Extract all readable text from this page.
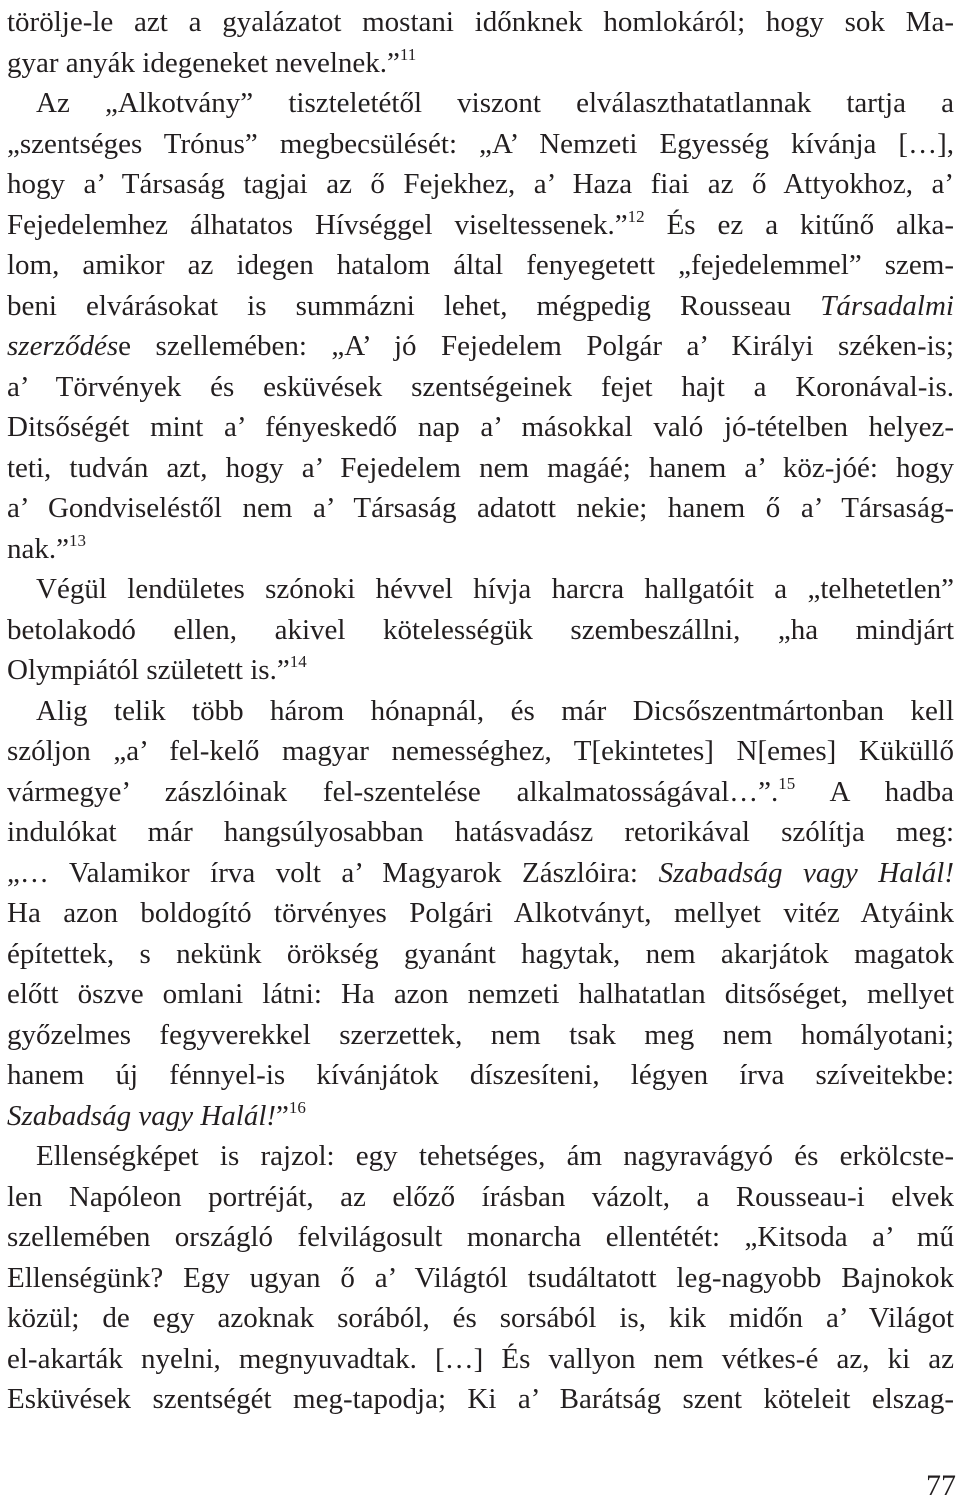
törölje-le azt a gyalázatot mostani időnknek homlokáról; hogy sok Ma-
gyar anyák idegeneket nevelnek.”$^{11}$
Az „Alkotvány” tiszteletétől viszont elválaszthatatlannak tartja a
„szentséges Trónus” megbecsülését: „A’ Nemzeti Egyesség kívánja […],
hogy a’ Társaság tagjai az ő Fejekhez, a’ Haza fiai az ő Attyokhoz, a’
Fejedelemhez álhatatos Hívséggel viseltessenek.”$^{12}$ És ez a kitűnő alka-
lom, amikor az idegen hatalom által fenyegetett „fejedelemmel” szem-
beni elvárásokat is summázni lehet, mégpedig Rousseau Társadalmi
szerződése szellemében: „A’ jó Fejedelem Polgár a’ Királyi széken-is;
a’ Törvények és esküvések szentségeinek fejet hajt a Koronával-is.
Ditsőségét mint a’ fényeskedő nap a’ másokkal való jó-tételben helyez-
teti, tudván azt, hogy a’ Fejedelem nem magáé; hanem a’ köz-jóé: hogy
a’ Gondviseléstől nem a’ Társaság adatott nekie; hanem ő a’ Társaság-
nak.”$^{13}$
Végül lendületes szónoki hévvel hívja harcra hallgatóit a „telhetetlen”
betolakodó ellen, akivel kötelességük szembeszállni, „ha mindjárt
Olympiától született is.”$^{14}$
Alig telik több három hónapnál, és már Dicsőszentmártonban kell
szóljon „a’ fel-kelő magyar nemességhez, T[ekintetes] N[emes] Küküllő
vármegye’ zászlóinak fel-szentelése alkalmatosságával…”.$^{15}$ A hadba
indulókat már hangsúlyosabban hatásvadász retorikával szólítja meg:
„… Valamikor írva volt a’ Magyarok Zászlóira: Szabadság vagy Halál!
Ha azon boldogító törvényes Polgári Alkotványt, mellyet vitéz Atyáink
építettek, s nekünk örökség gyanánt hagytak, nem akarjátok magatok
előtt öszve omlani látni: Ha azon nemzeti halhatatlan ditsőséget, mellyet
győzelmes fegyverekkel szerzettek, nem tsak meg nem homályotani;
hanem új fénnyel-is kívánjátok díszesíteni, légyen írva szíveitekbe:
Szabadság vagy Halál!”$^{16}$
Ellenségképet is rajzol: egy tehetséges, ám nagyravágyó és erkölcste-
len Napóleon portréját, az előző írásban vázolt, a Rousseau-i elvek
szellemében országló felvilágosult monarcha ellentétét: „Kitsoda a’ mű
Ellenségünk? Egy ugyan ő a’ Világtól tsudáltatott leg-nagyobb Bajnokok
közül; de egy azoknak sorából, és sorsából is, kik midőn a’ Világot
el-akarták nyelni, megnyuvadtak. […] És vallyon nem vétkes-é az, ki az
Esküvések szentségét meg-tapodja; Ki a’ Barátság szent köteleit elszag-
77
